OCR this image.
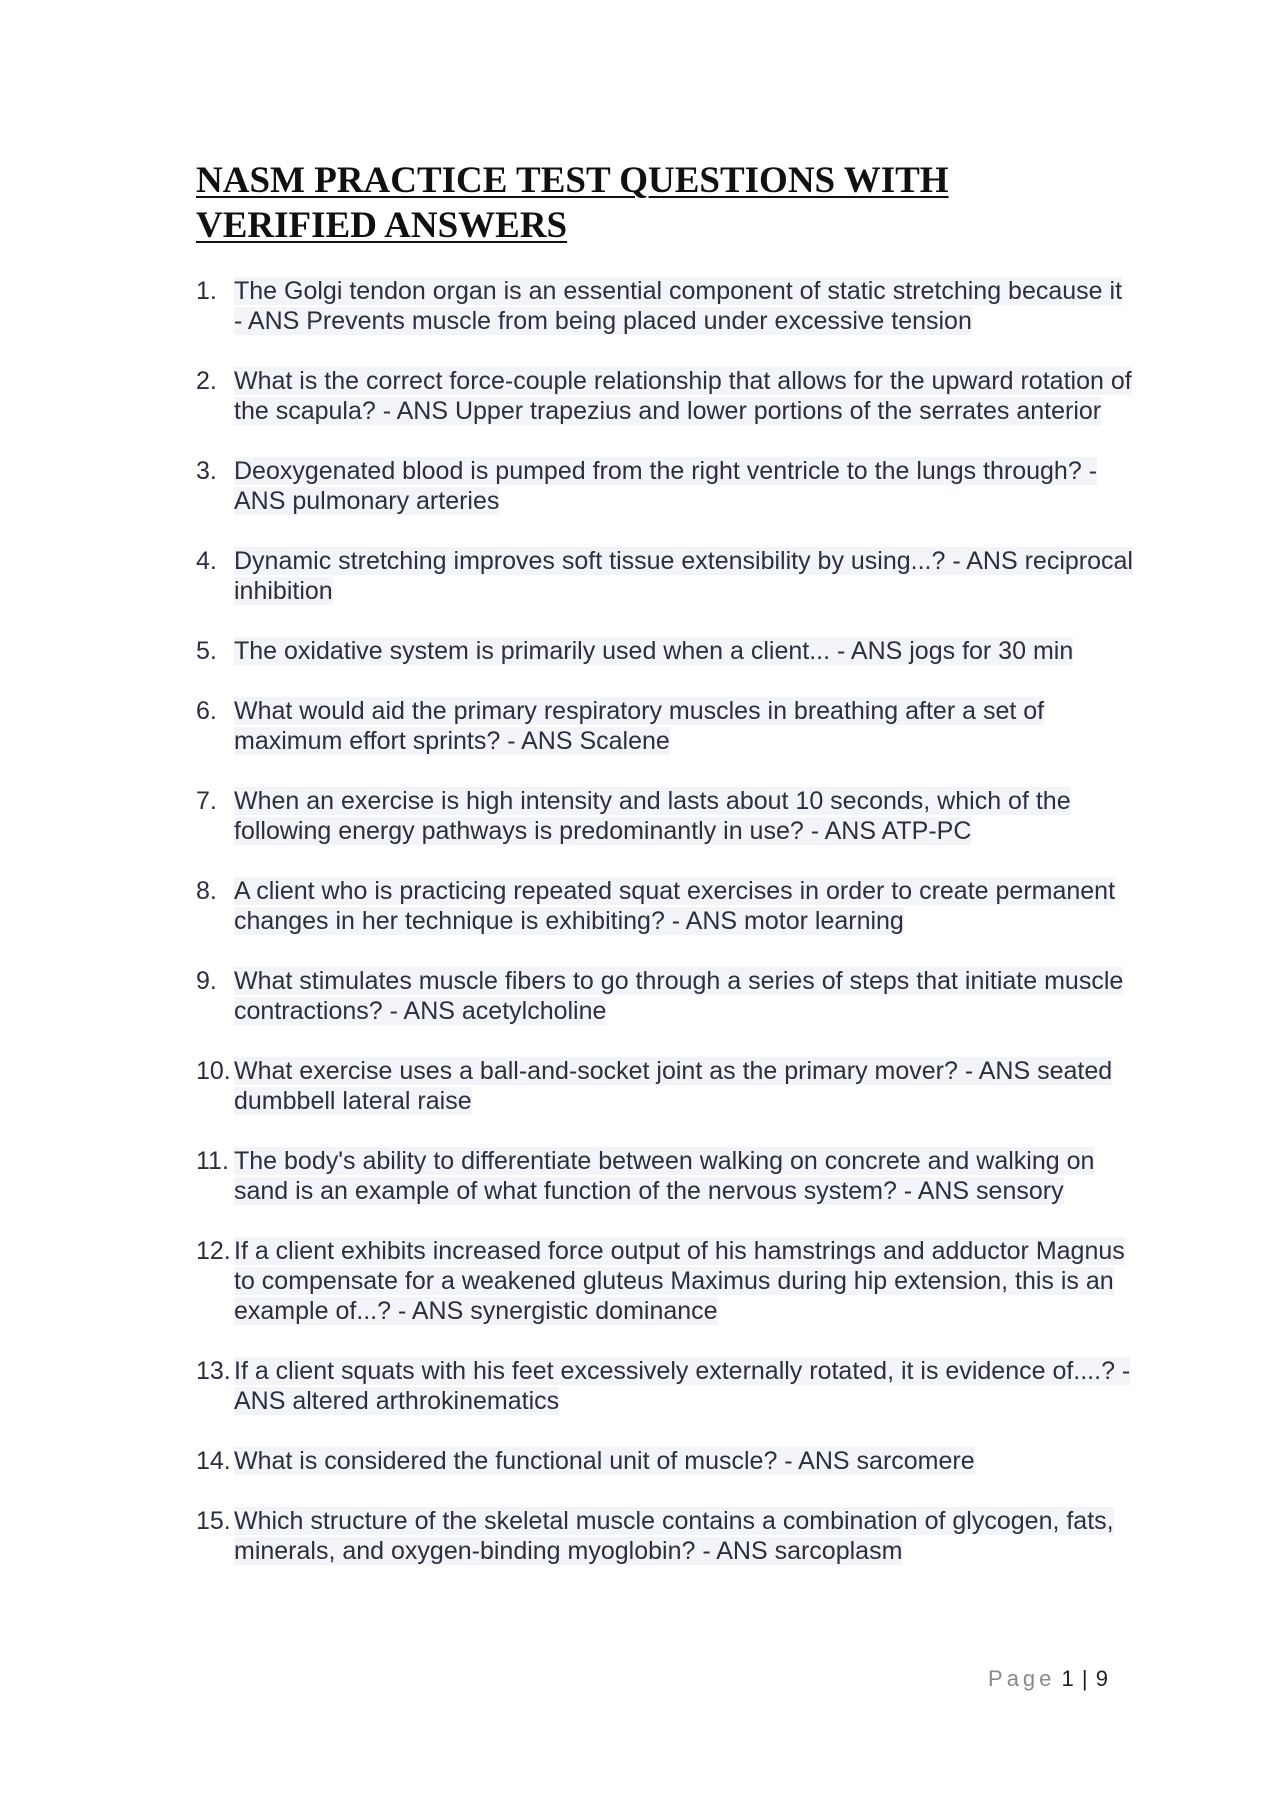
NASM PRACTICE TEST QUESTIONS WITH VERIFIED ANSWERS
1. The Golgi tendon organ is an essential component of static stretching because it - ANS Prevents muscle from being placed under excessive tension
2. What is the correct force-couple relationship that allows for the upward rotation of the scapula? - ANS Upper trapezius and lower portions of the serrates anterior
3. Deoxygenated blood is pumped from the right ventricle to the lungs through? - ANS pulmonary arteries
4. Dynamic stretching improves soft tissue extensibility by using...? - ANS reciprocal inhibition
5. The oxidative system is primarily used when a client... - ANS jogs for 30 min
6. What would aid the primary respiratory muscles in breathing after a set of maximum effort sprints? - ANS Scalene
7. When an exercise is high intensity and lasts about 10 seconds, which of the following energy pathways is predominantly in use? - ANS ATP-PC
8. A client who is practicing repeated squat exercises in order to create permanent changes in her technique is exhibiting? - ANS motor learning
9. What stimulates muscle fibers to go through a series of steps that initiate muscle contractions? - ANS acetylcholine
10. What exercise uses a ball-and-socket joint as the primary mover? - ANS seated dumbbell lateral raise
11. The body's ability to differentiate between walking on concrete and walking on sand is an example of what function of the nervous system? - ANS sensory
12. If a client exhibits increased force output of his hamstrings and adductor Magnus to compensate for a weakened gluteus Maximus during hip extension, this is an example of...? - ANS synergistic dominance
13. If a client squats with his feet excessively externally rotated, it is evidence of....? - ANS altered arthrokinematics
14. What is considered the functional unit of muscle? - ANS sarcomere
15. Which structure of the skeletal muscle contains a combination of glycogen, fats, minerals, and oxygen-binding myoglobin? - ANS sarcoplasm
Page 1 | 9
